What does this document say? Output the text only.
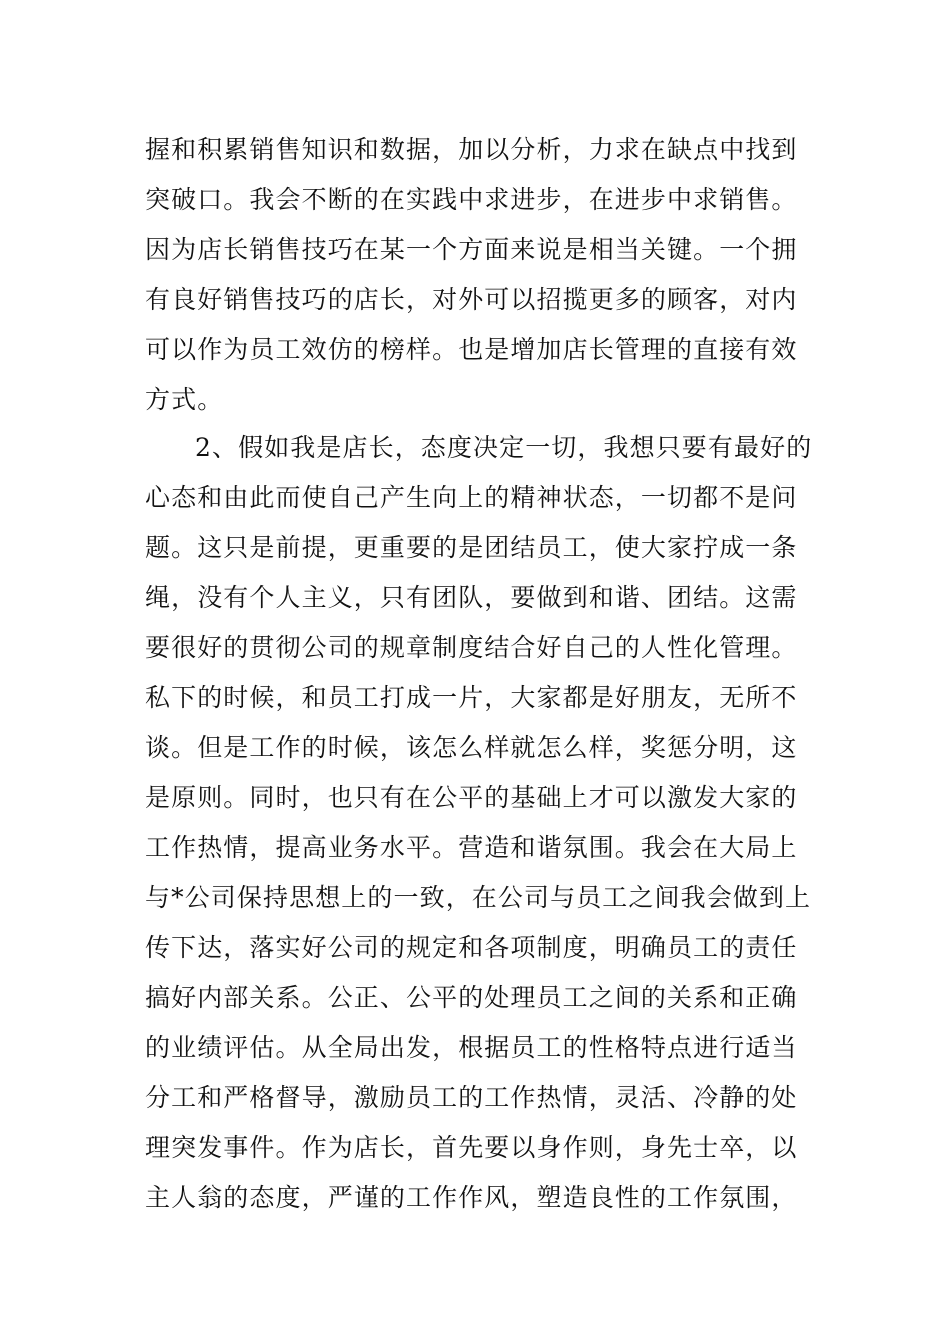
握和积累销售知识和数据，加以分析，力求在缺点中找到
突破口。我会不断的在实践中求进步，在进步中求销售。
因为店长销售技巧在某一个方面来说是相当关键。一个拥
有良好销售技巧的店长，对外可以招揽更多的顾客，对内
可以作为员工效仿的榜样。也是增加店长管理的直接有效
方式。
2、假如我是店长，态度决定一切，我想只要有最好的
心态和由此而使自己产生向上的精神状态，一切都不是问
题。这只是前提，更重要的是团结员工，使大家拧成一条
绳，没有个人主义，只有团队，要做到和谐、团结。这需
要很好的贯彻公司的规章制度结合好自己的人性化管理。
私下的时候，和员工打成一片，大家都是好朋友，无所不
谈。但是工作的时候，该怎么样就怎么样，奖惩分明，这
是原则。同时，也只有在公平的基础上才可以激发大家的
工作热情，提高业务水平。营造和谐氛围。我会在大局上
与*公司保持思想上的一致，在公司与员工之间我会做到上
传下达，落实好公司的规定和各项制度，明确员工的责任
搞好内部关系。公正、公平的处理员工之间的关系和正确
的业绩评估。从全局出发，根据员工的性格特点进行适当
分工和严格督导，激励员工的工作热情，灵活、冷静的处
理突发事件。作为店长，首先要以身作则，身先士卒，以
主人翁的态度，严谨的工作作风，塑造良性的工作氛围，
